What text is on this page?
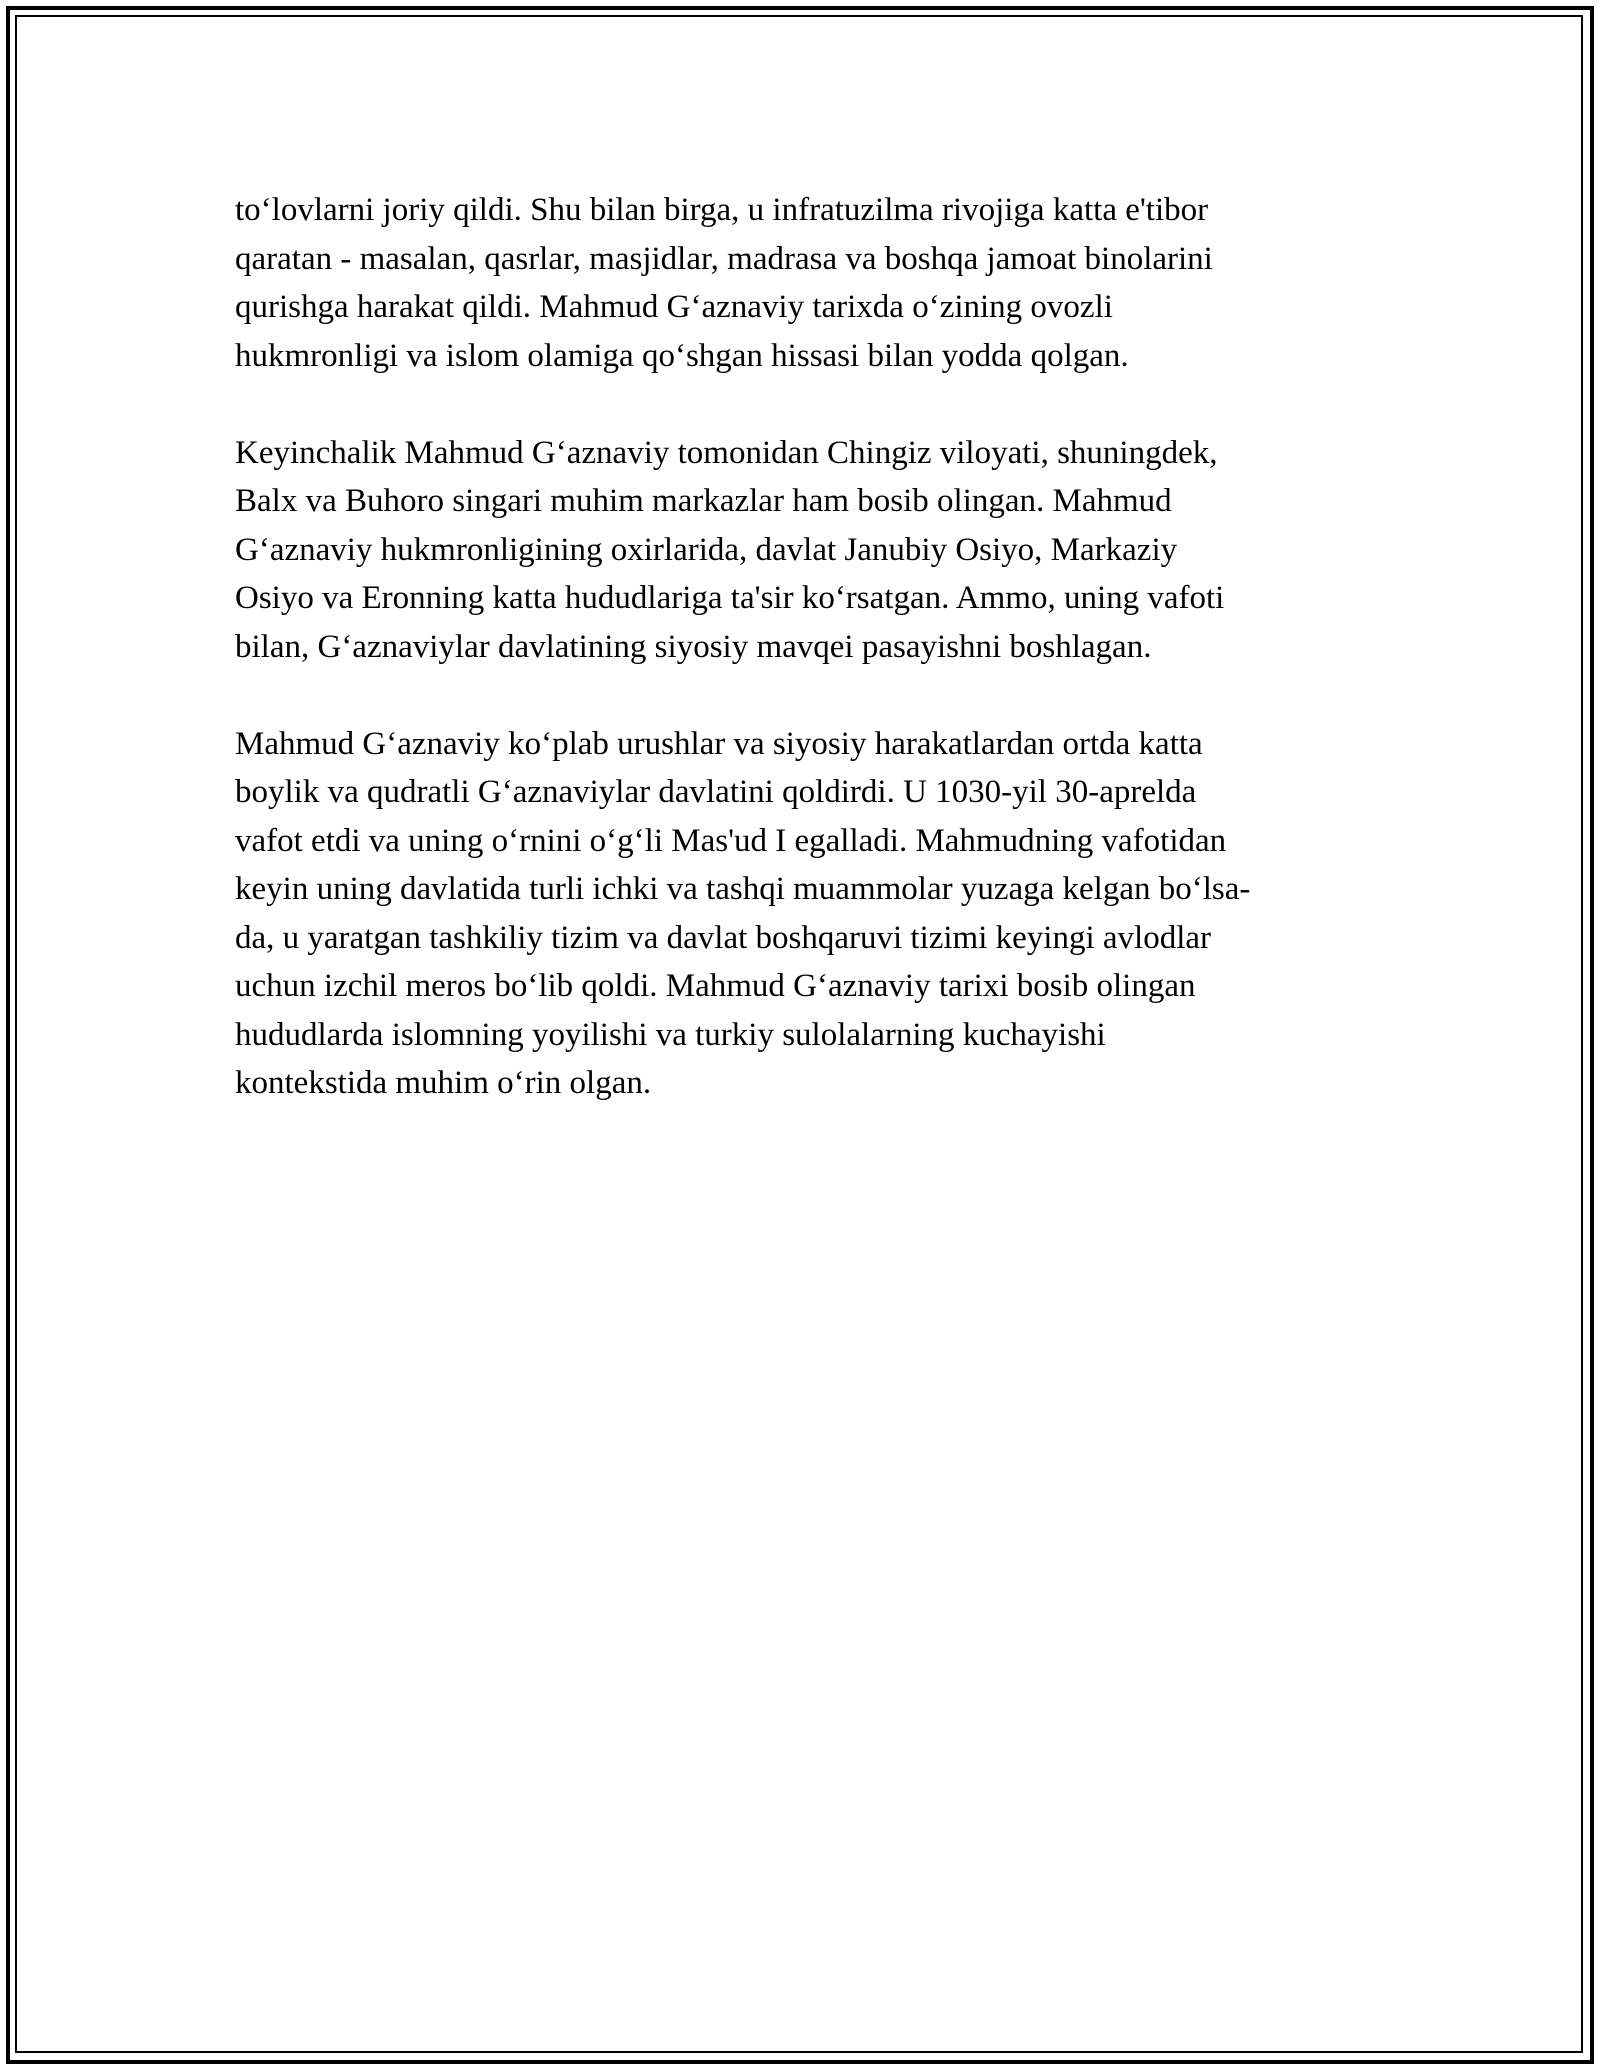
to‘lovlarni joriy qildi. Shu bilan birga, u infratuzilma rivojiga katta e'tibor
qaratan - masalan, qasrlar, masjidlar, madrasa va boshqa jamoat binolarini
qurishga harakat qildi. Mahmud G‘aznaviy tarixda o‘zining ovozli
hukmronligi va islom olamiga qo‘shgan hissasi bilan yodda qolgan.

Keyinchalik Mahmud G‘aznaviy tomonidan Chingiz viloyati, shuningdek,
Balx va Buhoro singari muhim markazlar ham bosib olingan. Mahmud
G‘aznaviy hukmronligining oxirlarida, davlat Janubiy Osiyo, Markaziy
Osiyo va Eronning katta hududlariga ta'sir ko‘rsatgan. Ammo, uning vafoti
bilan, G‘aznaviylar davlatining siyosiy mavqei pasayishni boshlagan.

Mahmud G‘aznaviy ko‘plab urushlar va siyosiy harakatlardan ortda katta
boylik va qudratli G‘aznaviylar davlatini qoldirdi. U 1030-yil 30-aprelda
vafot etdi va uning o‘rnini o‘g‘li Mas'ud I egalladi. Mahmudning vafotidan
keyin uning davlatida turli ichki va tashqi muammolar yuzaga kelgan bo‘lsa-
da, u yaratgan tashkiliy tizim va davlat boshqaruvi tizimi keyingi avlodlar
uchun izchil meros bo‘lib qoldi. Mahmud G‘aznaviy tarixi bosib olingan
hududlarda islomning yoyilishi va turkiy sulolalarning kuchayishi
kontekstida muhim o‘rin olgan.
